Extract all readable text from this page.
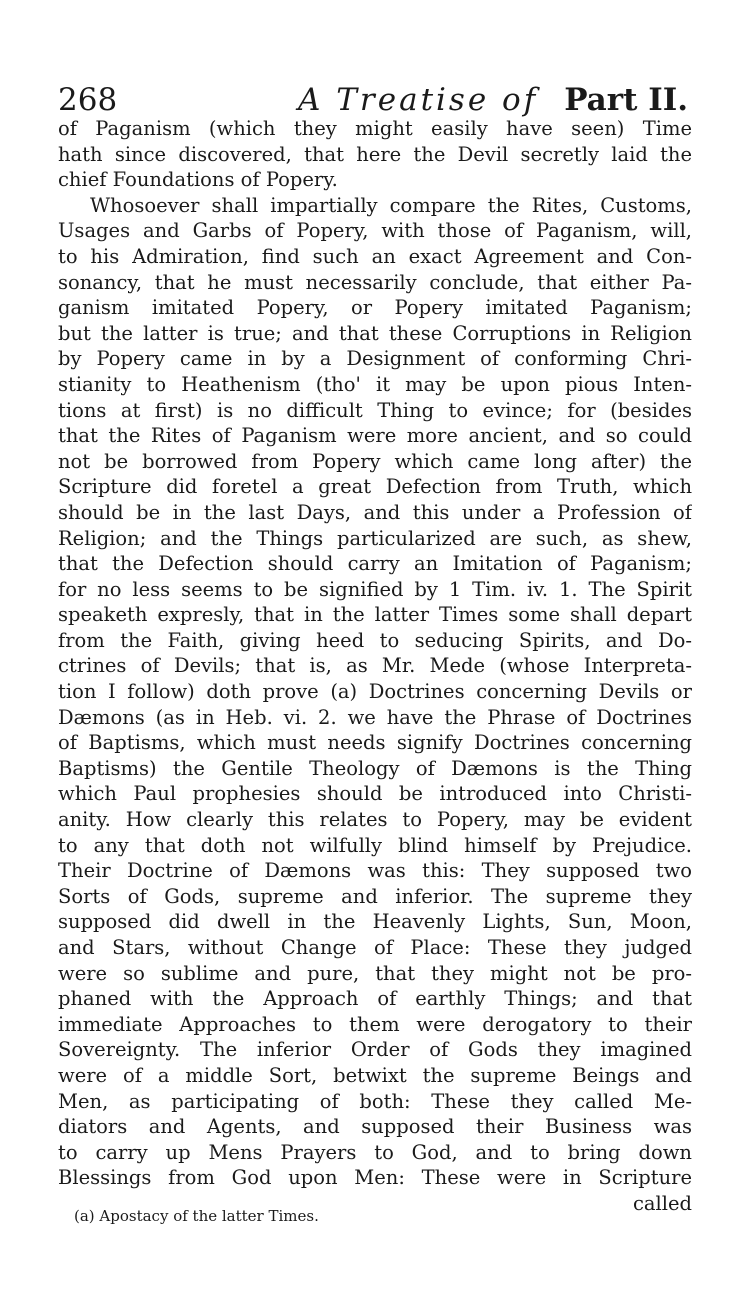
268	A Treatise of Part II.
of Paganism (which they might easily have seen) Time
hath since discovered, that here the Devil secretly laid the
chief Foundations of Popery.
Whosoever shall impartially compare the Rites, Customs,
Usages and Garbs of Popery, with those of Paganism, will,
to his Admiration, find such an exact Agreement and Con-
sonancy, that he must necessarily conclude, that either Pa-
ganism imitated Popery, or Popery imitated Paganism;
but the latter is true; and that these Corruptions in Religion
by Popery came in by a Designment of conforming Chri-
stianity to Heathenism (tho' it may be upon pious Inten-
tions at first) is no difficult Thing to evince; for (besides
that the Rites of Paganism were more ancient, and so could
not be borrowed from Popery which came long after) the
Scripture did foretel a great Defection from Truth, which
should be in the last Days, and this under a Profession of
Religion; and the Things particularized are such, as shew,
that the Defection should carry an Imitation of Paganism;
for no less seems to be signified by 1 Tim. iv. 1. The Spirit
speaketh expresly, that in the latter Times some shall depart
from the Faith, giving heed to seducing Spirits, and Do-
ctrines of Devils; that is, as Mr. Mede (whose Interpreta-
tion I follow) doth prove (a) Doctrines concerning Devils or
Dæmons (as in Heb. vi. 2. we have the Phrase of Doctrines
of Baptisms, which must needs signify Doctrines concerning
Baptisms) the Gentile Theology of Dæmons is the Thing
which Paul prophesies should be introduced into Christi-
anity. How clearly this relates to Popery, may be evident
to any that doth not wilfully blind himself by Prejudice.
Their Doctrine of Dæmons was this: They supposed two
Sorts of Gods, supreme and inferior. The supreme they
supposed did dwell in the Heavenly Lights, Sun, Moon,
and Stars, without Change of Place: These they judged
were so sublime and pure, that they might not be pro-
phaned with the Approach of earthly Things; and that
immediate Approaches to them were derogatory to their
Sovereignty. The inferior Order of Gods they imagined
were of a middle Sort, betwixt the supreme Beings and
Men, as participating of both: These they called Me-
diators and Agents, and supposed their Business was
to carry up Mens Prayers to God, and to bring down
Blessings from God upon Men: These were in Scripture
called
(a) Apostacy of the latter Times.
